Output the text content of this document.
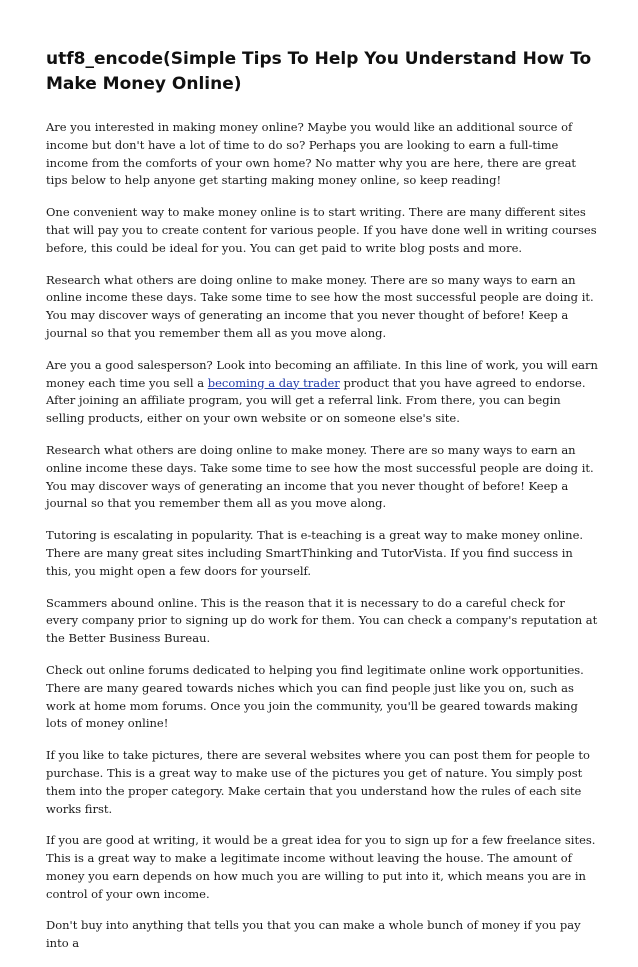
utf8_encode(Simple Tips To Help You Understand How To Make Money Online)

Are you interested in making money online? Maybe you would like an additional source of income but don't have a lot of time to do so? Perhaps you are looking to earn a full-time income from the comforts of your own home? No matter why you are here, there are great tips below to help anyone get starting making money online, so keep reading!

One convenient way to make money online is to start writing. There are many different sites that will pay you to create content for various people. If you have done well in writing courses before, this could be ideal for you. You can get paid to write blog posts and more.

Research what others are doing online to make money. There are so many ways to earn an online income these days. Take some time to see how the most successful people are doing it. You may discover ways of generating an income that you never thought of before! Keep a journal so that you remember them all as you move along.

Are you a good salesperson? Look into becoming an affiliate. In this line of work, you will earn money each time you sell a becoming a day trader product that you have agreed to endorse. After joining an affiliate program, you will get a referral link. From there, you can begin selling products, either on your own website or on someone else's site.

Research what others are doing online to make money. There are so many ways to earn an online income these days. Take some time to see how the most successful people are doing it. You may discover ways of generating an income that you never thought of before! Keep a journal so that you remember them all as you move along.

Tutoring is escalating in popularity. That is e-teaching is a great way to make money online. There are many great sites including SmartThinking and TutorVista. If you find success in this, you might open a few doors for yourself.

Scammers abound online. This is the reason that it is necessary to do a careful check for every company prior to signing up do work for them. You can check a company's reputation at the Better Business Bureau.

Check out online forums dedicated to helping you find legitimate online work opportunities. There are many geared towards niches which you can find people just like you on, such as work at home mom forums. Once you join the community, you'll be geared towards making lots of money online!

If you like to take pictures, there are several websites where you can post them for people to purchase. This is a great way to make use of the pictures you get of nature. You simply post them into the proper category. Make certain that you understand how the rules of each site works first.

If you are good at writing, it would be a great idea for you to sign up for a few freelance sites. This is a great way to make a legitimate income without leaving the house. The amount of money you earn depends on how much you are willing to put into it, which means you are in control of your own income.

Don't buy into anything that tells you that you can make a whole bunch of money if you pay into a
